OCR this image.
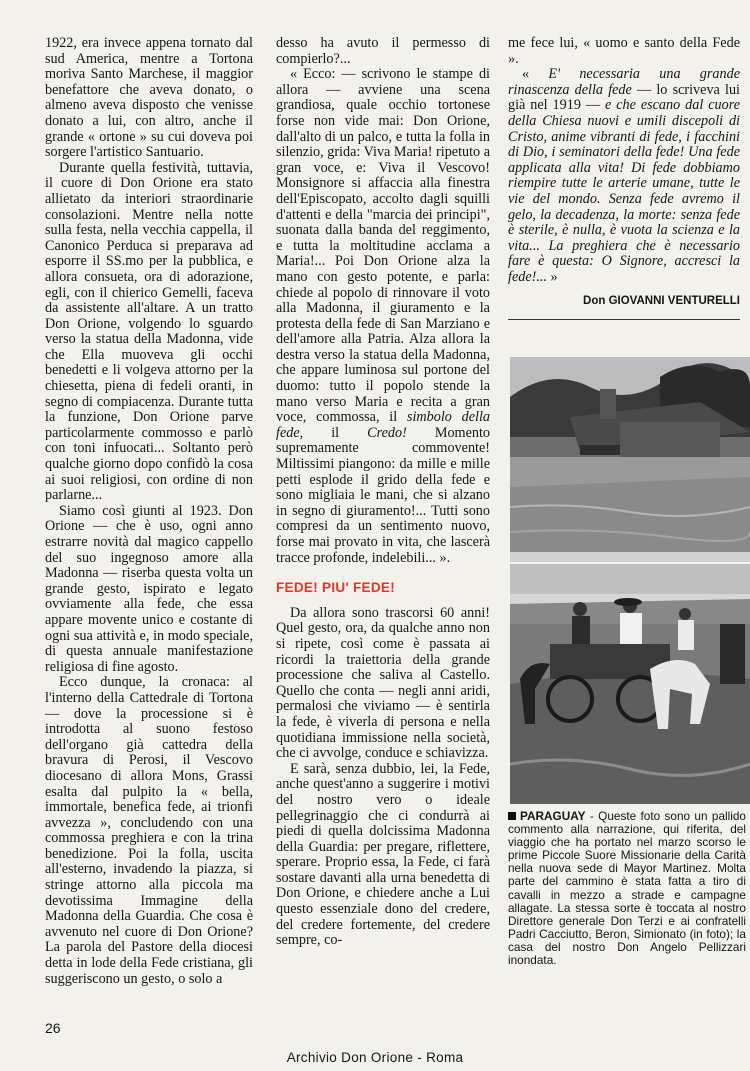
1922, era invece appena tornato dal sud America, mentre a Tortona moriva Santo Marchese, il maggior benefattore che aveva donato, o almeno aveva disposto che venisse donato a lui, con altro, anche il grande « ortone » su cui doveva poi sorgere l'artistico Santuario.

Durante quella festività, tuttavia, il cuore di Don Orione era stato allietato da interiori straordinarie consolazioni. Mentre nella notte sulla festa, nella vecchia cappella, il Canonico Perduca si preparava ad esporre il SS.mo per la pubblica, e allora consueta, ora di adorazione, egli, con il chierico Gemelli, faceva da assistente all'altare. A un tratto Don Orione, volgendo lo sguardo verso la statua della Madonna, vide che Ella muoveva gli occhi benedetti e li volgeva attorno per la chiesetta, piena di fedeli oranti, in segno di compiacenza. Durante tutta la funzione, Don Orione parve particolarmente commosso e parlò con toni infuocati... Soltanto però qualche giorno dopo confidò la cosa ai suoi religiosi, con ordine di non parlarne...

Siamo così giunti al 1923. Don Orione — che è uso, ogni anno estrarre novità dal magico cappello del suo ingegnoso amore alla Madonna — riserba questa volta un grande gesto, ispirato e legato ovviamente alla fede, che essa appare movente unico e costante di ogni sua attività e, in modo speciale, di questa annuale manifestazione religiosa di fine agosto.

Ecco dunque, la cronaca: al l'interno della Cattedrale di Tortona — dove la processione si è introdotta al suono festoso dell'organo già cattedra della bravura di Perosi, il Vescovo diocesano di allora Mons, Grassi esalta dal pulpito la « bella, immortale, benefica fede, ai trionfi avvezza », concludendo con una commossa preghiera e con la trina benedizione. Poi la folla, uscita all'esterno, invadendo la piazza, si stringe attorno alla piccola ma devotissima Immagine della Madonna della Guardia. Che cosa è avvenuto nel cuore di Don Orione? La parola del Pastore della diocesi detta in lode della Fede cristiana, gli suggeriscono un gesto, o solo a

desso ha avuto il permesso di compierlo?...

« Ecco: — scrivono le stampe di allora — avviene una scena grandiosa, quale occhio tortonese forse non vide mai: Don Orione, dall'alto di un palco, e tutta la folla in silenzio, grida: Viva Maria! ripetuto a gran voce, e: Viva il Vescovo! Monsignore si affaccia alla finestra dell'Episcopato, accolto dagli squilli d'attenti e della "marcia dei principi", suonata dalla banda del reggimento, e tutta la moltitudine acclama a Maria!... Poi Don Orione alza la mano con gesto potente, e parla: chiede al popolo di rinnovare il voto alla Madonna, il giuramento e la protesta della fede di San Marziano e dell'amore alla Patria. Alza allora la destra verso la statua della Madonna, che appare luminosa sul portone del duomo: tutto il popolo stende la mano verso Maria e recita a gran voce, commossa, il simbolo della fede, il Credo! Momento supremamente commovente! Miltissimi piangono: da mille e mille petti esplode il grido della fede e sono migliaia le mani, che si alzano in segno di giuramento!... Tutti sono compresi da un sentimento nuovo, forse mai provato in vita, che lascerà tracce profonde, indelebili... ».

FEDE! PIU' FEDE!

Da allora sono trascorsi 60 anni! Quel gesto, ora, da qualche anno non si ripete, così come è passata ai ricordi la traiettoria della grande processione che saliva al Castello. Quello che conta — negli anni aridi, permalosi che viviamo — è sentirla la fede, è viverla di persona e nella quotidiana immissione nella società, che ci avvolge, conduce e schiavizza.

E sarà, senza dubbio, lei, la Fede, anche quest'anno a suggerire i motivi del nostro vero o ideale pellegrinaggio che ci condurrà ai piedi di quella dolcissima Madonna della Guardia: per pregare, riflettere, sperare. Proprio essa, la Fede, ci farà sostare davanti alla urna benedetta di Don Orione, e chiedere anche a Lui questo essenziale dono del credere, del credere fortemente, del credere sempre, co-

me fece lui, « uomo e santo della Fede ».

« E' necessaria una grande rinascenza della fede — lo scriveva lui già nel 1919 — e che escano dal cuore della Chiesa nuovi e umili discepoli di Cristo, anime vibranti di fede, i facchini di Dio, i seminatori della fede! Una fede applicata alla vita! Di fede dobbiamo riempire tutte le arterie umane, tutte le vie del mondo. Senza fede avremo il gelo, la decadenza, la morte: senza fede è sterile, è nulla, è vuota la scienza e la vita... La preghiera che è necessario fare è questa: O Signore, accresci la fede!... »

Don GIOVANNI VENTURELLI
PARAGUAY - Queste foto sono un pallido commento alla narrazione, qui riferita, del viaggio che ha portato nel marzo scorso le prime Piccole Suore Missionarie della Carità nella nuova sede di Mayor Martinez. Molta parte del cammino è stata fatta a tiro di cavalli in mezzo a strade e campagne allagate. La stessa sorte è toccata al nostro Direttore generale Don Terzi e ai confratelli Padri Cacciutto, Beron, Simionato (in foto); la casa del nostro Don Angelo Pellizzari inondata.
26
Archivio Don Orione - Roma
